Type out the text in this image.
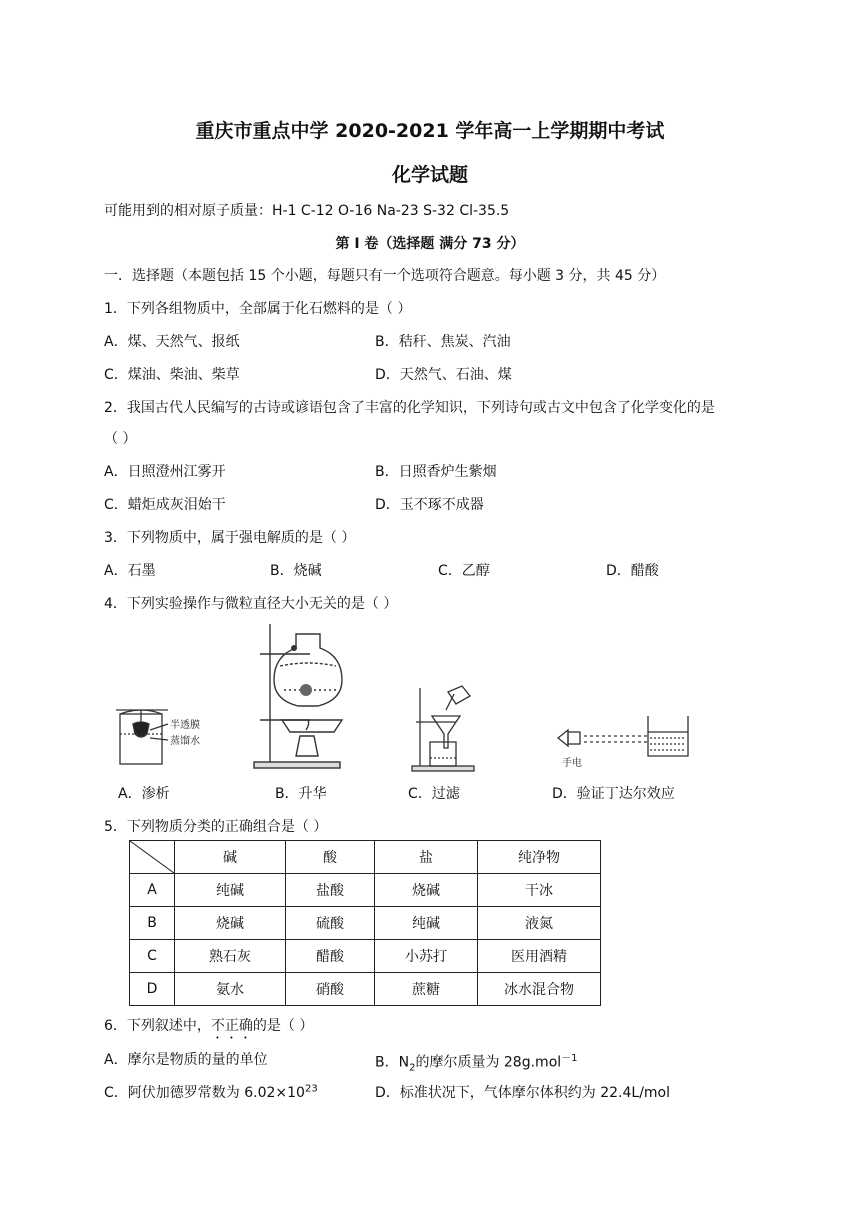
重庆市重点中学 2020-2021 学年高一上学期期中考试
化学试题
可能用到的相对原子质量：H-1 C-12 O-16 Na-23 S-32 Cl-35.5
第 I 卷（选择题 满分 73 分）
一．选择题（本题包括 15 个小题，每题只有一个选项符合题意。每小题 3 分，共 45 分）
1．下列各组物质中，全部属于化石燃料的是（ ）
A．煤、天然气、报纸	B．秸秆、焦炭、汽油
C．煤油、柴油、柴草	D．天然气、石油、煤
2．我国古代人民编写的古诗或谚语包含了丰富的化学知识，下列诗句或古文中包含了化学变化的是
（ ）
A．日照澄州江雾开	B．日照香炉生紫烟
C．蜡炬成灰泪始干	D．玉不琢不成器
3．下列物质中，属于强电解质的是（ ）
A．石墨	B．烧碱	C．乙醇	D．醋酸
4．下列实验操作与微粒直径大小无关的是（ ）
半透膜
蒸馏水
手电
A．渗析	B．升华	C．过滤	D．验证丁达尔效应
5．下列物质分类的正确组合是（ ）
	碱	酸	盐	纯净物
A	纯碱	盐酸	烧碱	干冰
B	烧碱	硫酸	纯碱	液氮
C	熟石灰	醋酸	小苏打	医用酒精
D	氨水	硝酸	蔗糖	冰水混合物
6．下列叙述中，不正确的是（ ）
A．摩尔是物质的量的单位	B．$N_2$的摩尔质量为 28g.mol$^{-1}$
C．阿伏加德罗常数为 $6.02\times 10^{23}$	D．标准状况下，气体摩尔体积约为 22.4L/mol
